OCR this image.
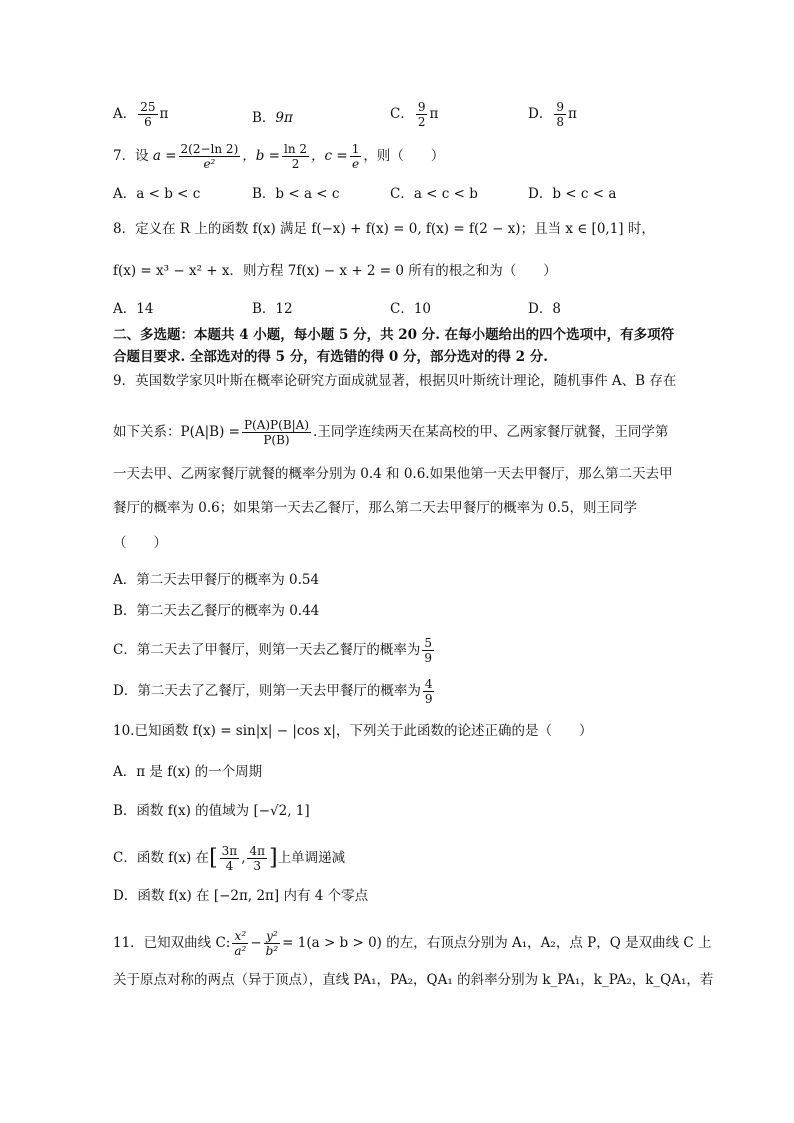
A． $\frac{25}{6}$ π	B．9π	C． $\frac{9}{2}$ π	D． $\frac{9}{8}$ π
7．设 $a = \frac{2(2-\ln 2)}{\text{e²}}$ ，$b = \frac{\ln 2}{2}$ ，$c = \frac{1}{e}$ ，则（　　）
A．a < b < c	B．b < a < c	C．a < c < b	D．b < c < a
8．定义在 R 上的函数 f(x) 满足 f(−x) + f(x) = 0, f(x) = f(2 − x)；且当 x ∈ [0,1] 时，
f(x) = x³ − x² + x．则方程 7f(x) − x + 2 = 0 所有的根之和为（　　）
A．14	B．12	C．10	D．8
二、多选题：本题共 4 小题，每小题 5 分，共 20 分. 在每小题给出的四个选项中，有多项符
合题目要求. 全部选对的得 5 分，有选错的得 0 分，部分选对的得 2 分.
9．英国数学家贝叶斯在概率论研究方面成就显著，根据贝叶斯统计理论，随机事件 A、B 存在
如下关系：$P(A|B) = \frac{P(A)P(B|A)}{P(B)}$ .王同学连续两天在某高校的甲、乙两家餐厅就餐，王同学第
一天去甲、乙两家餐厅就餐的概率分别为 0.4 和 0.6.如果他第一天去甲餐厅，那么第二天去甲
餐厅的概率为 0.6；如果第一天去乙餐厅，那么第二天去甲餐厅的概率为 0.5，则王同学
（　　）
A．第二天去甲餐厅的概率为 0.54
B．第二天去乙餐厅的概率为 0.44
C．第二天去了甲餐厅，则第一天去乙餐厅的概率为 $\frac{5}{9}$
D．第二天去了乙餐厅，则第一天去甲餐厅的概率为 $\frac{4}{9}$
10.已知函数 f(x) = sin|x| − |cos x|，下列关于此函数的论述正确的是（　　）
A．π 是 f(x) 的一个周期
B．函数 f(x) 的值域为 [−√2, 1]
C．函数 f(x) 在[ $\frac{3\pi}{4}$ , $\frac{4\pi}{3}$ ]上单调递减
D．函数 f(x) 在 [−2π, 2π] 内有 4 个零点
11．已知双曲线 C: $\frac{\text{x²}}{\text{a²}} - \frac{\text{y²}}{\text{b²}} = 1(a > b > 0)$ 的左，右顶点分别为 A₁，A₂，点 P，Q 是双曲线 C 上
关于原点对称的两点（异于顶点），直线 PA₁，PA₂，QA₁ 的斜率分别为 k_PA₁，k_PA₂，k_QA₁，若
